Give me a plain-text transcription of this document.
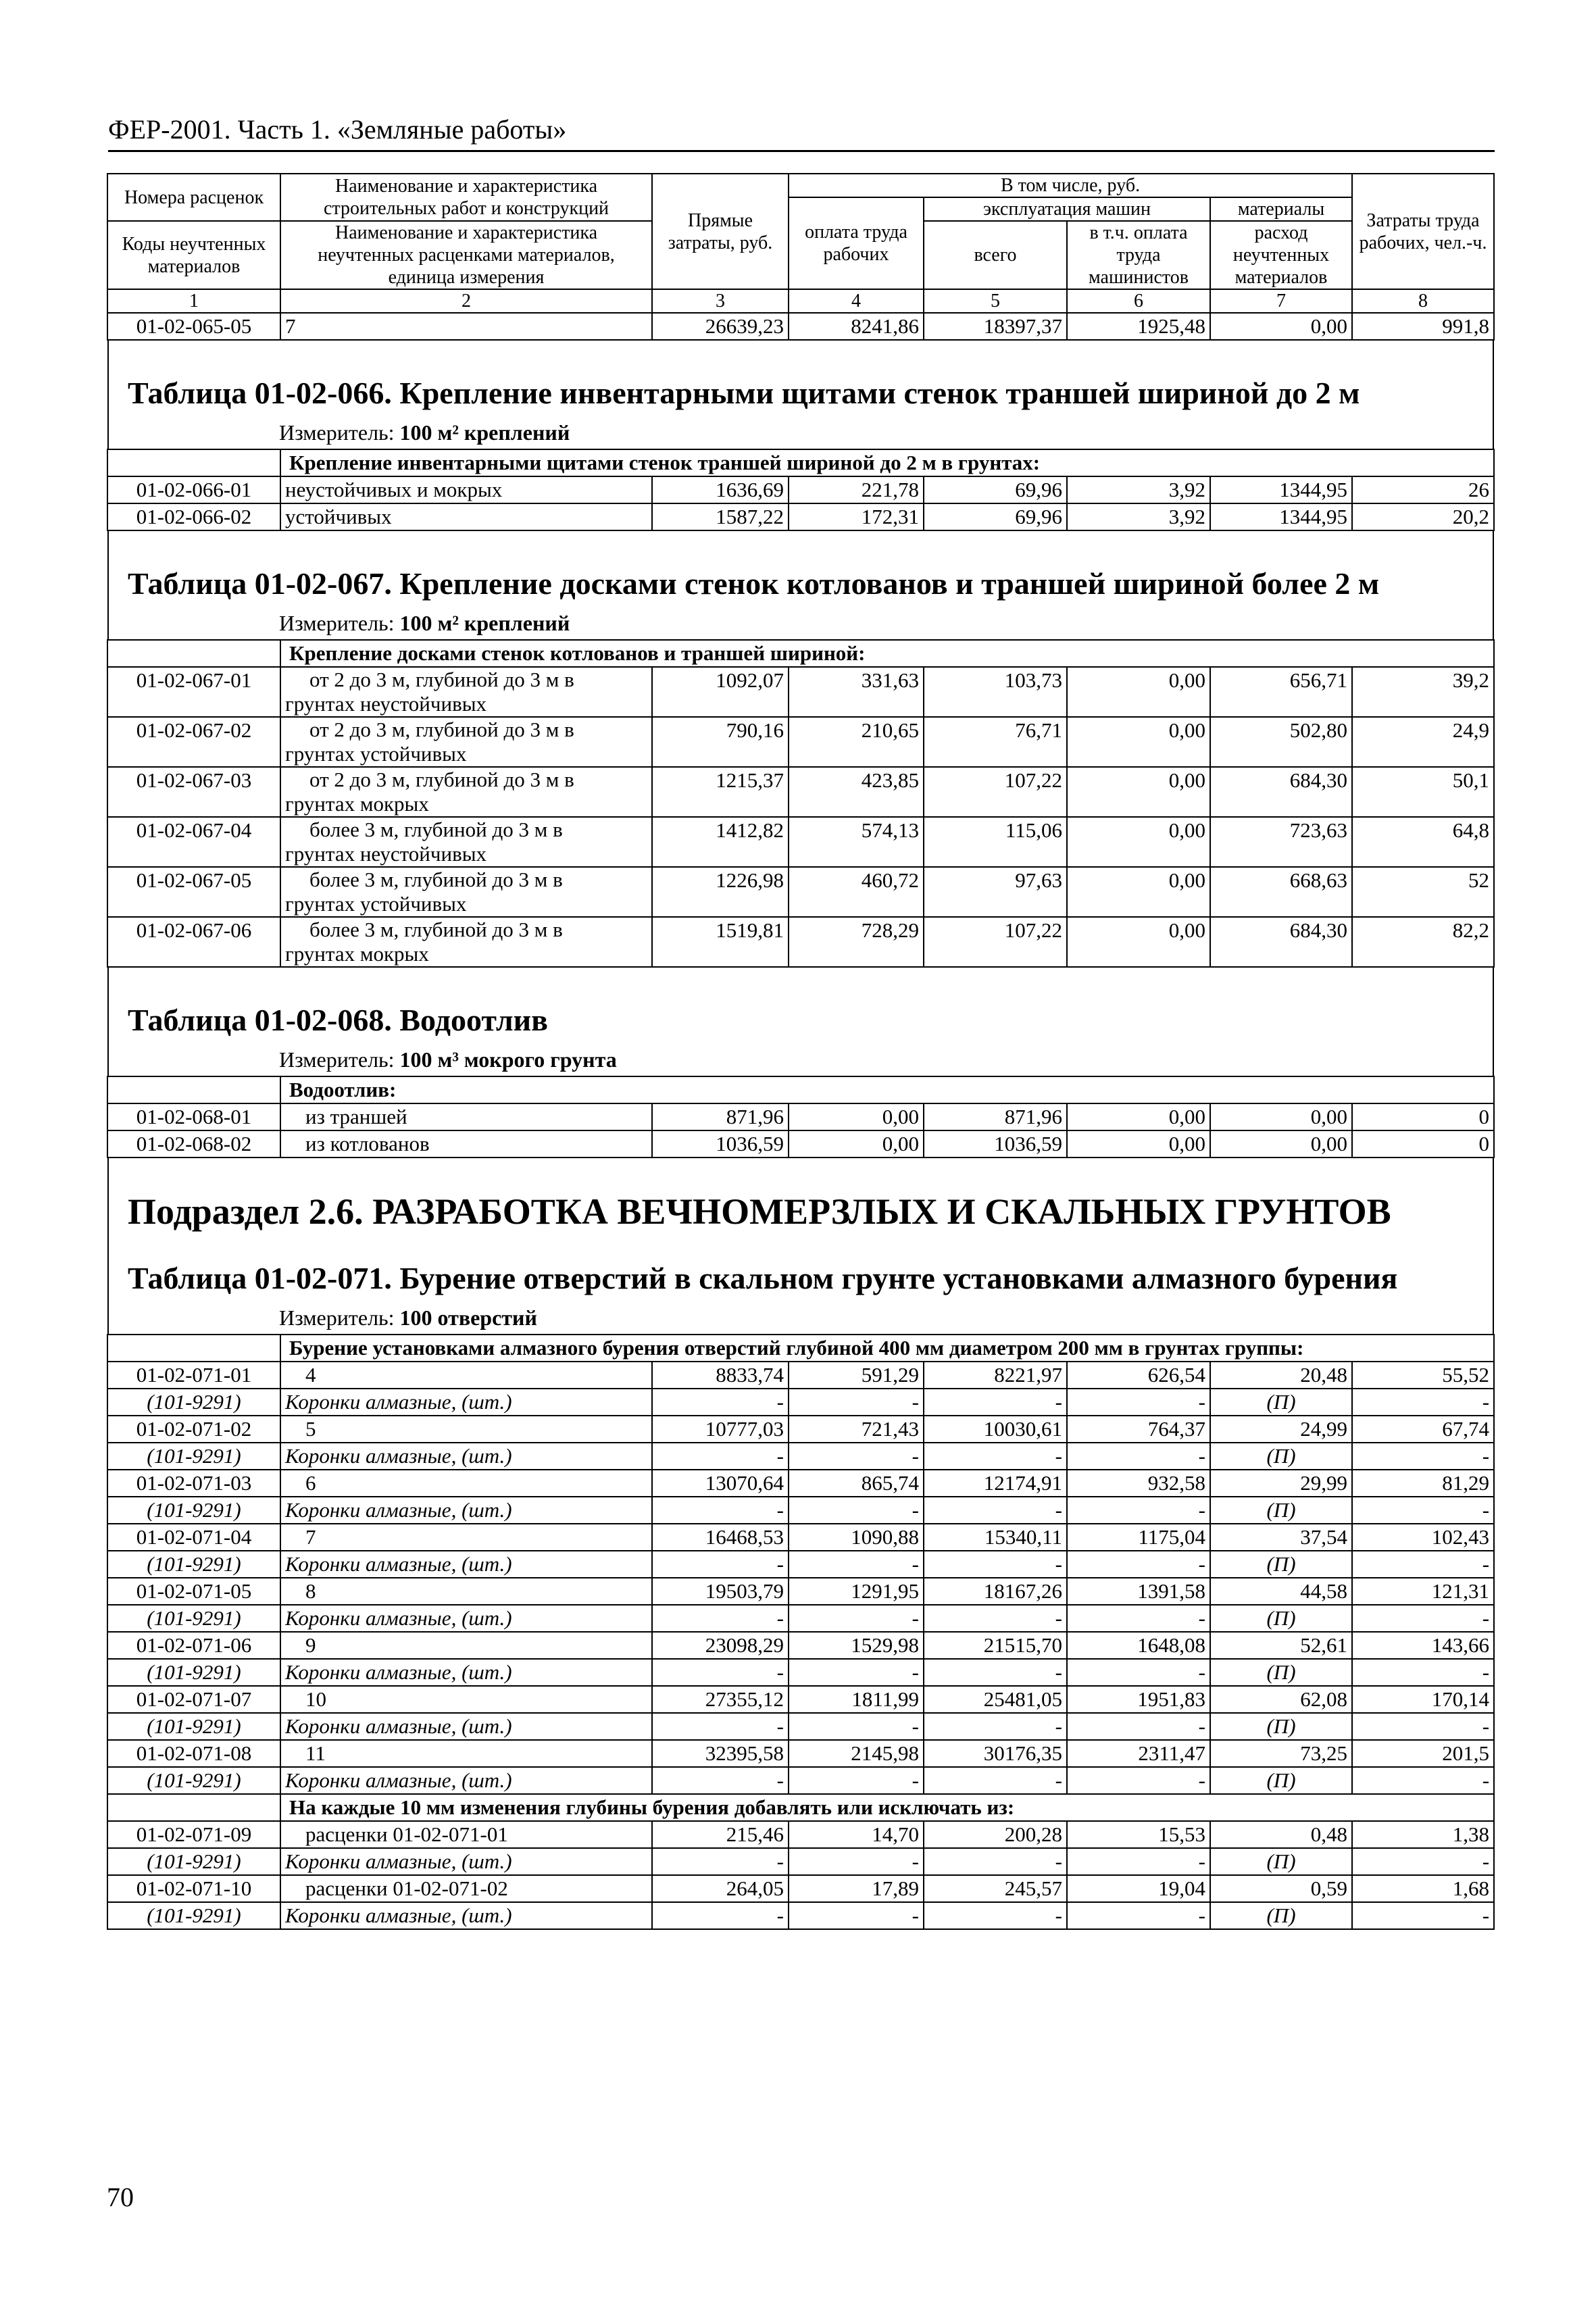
ФЕР-2001. Часть 1. «Земляные работы»
Номера расценок	Наименование и характеристика строительных работ и конструкций	Прямые затраты, руб.	В том числе, руб.				Затраты труда рабочих, чел.-ч.
			оплата труда рабочих	эксплуатация машин		материалы	
Коды неучтенных материалов	Наименование и характеристика неучтенных расценками материалов, единица измерения			всего	в т.ч. оплата труда машинистов	расход неучтенных материалов	

1	2	3	4	5	6	7	8
01-02-065-05	7	26639,23	8241,86	18397,37	1925,48	0,00	991,8

Таблица 01-02-066. Крепление инвентарными щитами стенок траншей шириной до 2 м
Измеритель: 100 м² креплений							

	Крепление инвентарными щитами стенок траншей шириной до 2 м в грунтах:						
01-02-066-01	неустойчивых и мокрых	1636,69	221,78	69,96	3,92	1344,95	26
01-02-066-02	устойчивых	1587,22	172,31	69,96	3,92	1344,95	20,2

Таблица 01-02-067. Крепление досками стенок котлованов и траншей шириной более 2 м
Измеритель: 100 м² креплений							

	Крепление досками стенок котлованов и траншей шириной:						
01-02-067-01	от 2 до 3 м, глубиной до 3 м в
грунтах неустойчивых	1092,07	331,63	103,73	0,00	656,71	39,2
01-02-067-02	от 2 до 3 м, глубиной до 3 м в
грунтах устойчивых	790,16	210,65	76,71	0,00	502,80	24,9
01-02-067-03	от 2 до 3 м, глубиной до 3 м в
грунтах мокрых	1215,37	423,85	107,22	0,00	684,30	50,1
01-02-067-04	более 3 м, глубиной до 3 м в
грунтах неустойчивых	1412,82	574,13	115,06	0,00	723,63	64,8
01-02-067-05	более 3 м, глубиной до 3 м в
грунтах устойчивых	1226,98	460,72	97,63	0,00	668,63	52
01-02-067-06	более 3 м, глубиной до 3 м в
грунтах мокрых	1519,81	728,29	107,22	0,00	684,30	82,2

Таблица 01-02-068. Водоотлив
Измеритель: 100 м³ мокрого грунта							

	Водоотлив:						
01-02-068-01	из траншей	871,96	0,00	871,96	0,00	0,00	0
01-02-068-02	из котлованов	1036,59	0,00	1036,59	0,00	0,00	0

Подраздел 2.6. РАЗРАБОТКА ВЕЧНОМЕРЗЛЫХ И СКАЛЬНЫХ ГРУНТОВ
Таблица 01-02-071. Бурение отверстий в скальном грунте установками алмазного бурения
Измеритель: 100 отверстий							

	Бурение установками алмазного бурения отверстий глубиной 400 мм диаметром 200 мм в грунтах группы:						
01-02-071-01	4	8833,74	591,29	8221,97	626,54	20,48	55,52
(101-9291)	Коронки алмазные, (шт.)	-	-	-	-	(П)	-
01-02-071-02	5	10777,03	721,43	10030,61	764,37	24,99	67,74
(101-9291)	Коронки алмазные, (шт.)	-	-	-	-	(П)	-
01-02-071-03	6	13070,64	865,74	12174,91	932,58	29,99	81,29
(101-9291)	Коронки алмазные, (шт.)	-	-	-	-	(П)	-
01-02-071-04	7	16468,53	1090,88	15340,11	1175,04	37,54	102,43
(101-9291)	Коронки алмазные, (шт.)	-	-	-	-	(П)	-
01-02-071-05	8	19503,79	1291,95	18167,26	1391,58	44,58	121,31
(101-9291)	Коронки алмазные, (шт.)	-	-	-	-	(П)	-
01-02-071-06	9	23098,29	1529,98	21515,70	1648,08	52,61	143,66
(101-9291)	Коронки алмазные, (шт.)	-	-	-	-	(П)	-
01-02-071-07	10	27355,12	1811,99	25481,05	1951,83	62,08	170,14
(101-9291)	Коронки алмазные, (шт.)	-	-	-	-	(П)	-
01-02-071-08	11	32395,58	2145,98	30176,35	2311,47	73,25	201,5
(101-9291)	Коронки алмазные, (шт.)	-	-	-	-	(П)	-
	На каждые 10 мм изменения глубины бурения добавлять или исключать из:						
01-02-071-09	расценки 01-02-071-01	215,46	14,70	200,28	15,53	0,48	1,38
(101-9291)	Коронки алмазные, (шт.)	-	-	-	-	(П)	-
01-02-071-10	расценки 01-02-071-02	264,05	17,89	245,57	19,04	0,59	1,68
(101-9291)	Коронки алмазные, (шт.)	-	-	-	-	(П)	-
70
